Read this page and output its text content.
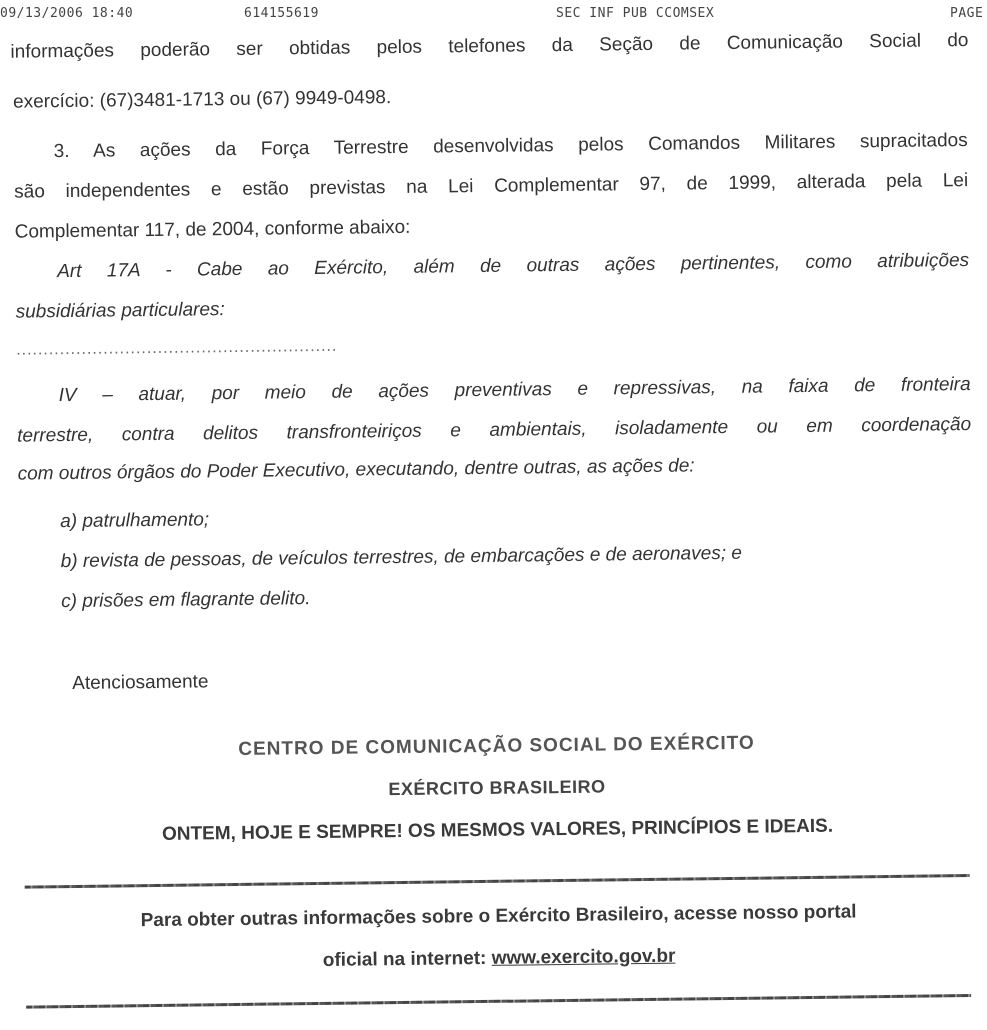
09/13/2006 18:40	614155619	SEC INF PUB CCOMSEX	PAGE
informações poderão ser obtidas pelos telefones da Seção de Comunicação Social do
exercício: (67)3481-1713 ou (67) 9949-0498.
3. As ações da Força Terrestre desenvolvidas pelos Comandos Militares supracitados
são independentes e estão previstas na Lei Complementar 97, de 1999, alterada pela Lei
Complementar 117, de 2004, conforme abaixo:
Art 17A - Cabe ao Exército, além de outras ações pertinentes, como atribuições
subsidiárias particulares:
...........................................................
IV – atuar, por meio de ações preventivas e repressivas, na faixa de fronteira
terrestre, contra delitos transfronteiriços e ambientais, isoladamente ou em coordenação
com outros órgãos do Poder Executivo, executando, dentre outras, as ações de:
a) patrulhamento;
b) revista de pessoas, de veículos terrestres, de embarcações e de aeronaves; e
c) prisões em flagrante delito.
Atenciosamente
CENTRO DE COMUNICAÇÃO SOCIAL DO EXÉRCITO
EXÉRCITO BRASILEIRO
ONTEM, HOJE E SEMPRE! OS MESMOS VALORES, PRINCÍPIOS E IDEAIS.
Para obter outras informações sobre o Exército Brasileiro, acesse nosso portal
oficial na internet: www.exercito.gov.br
